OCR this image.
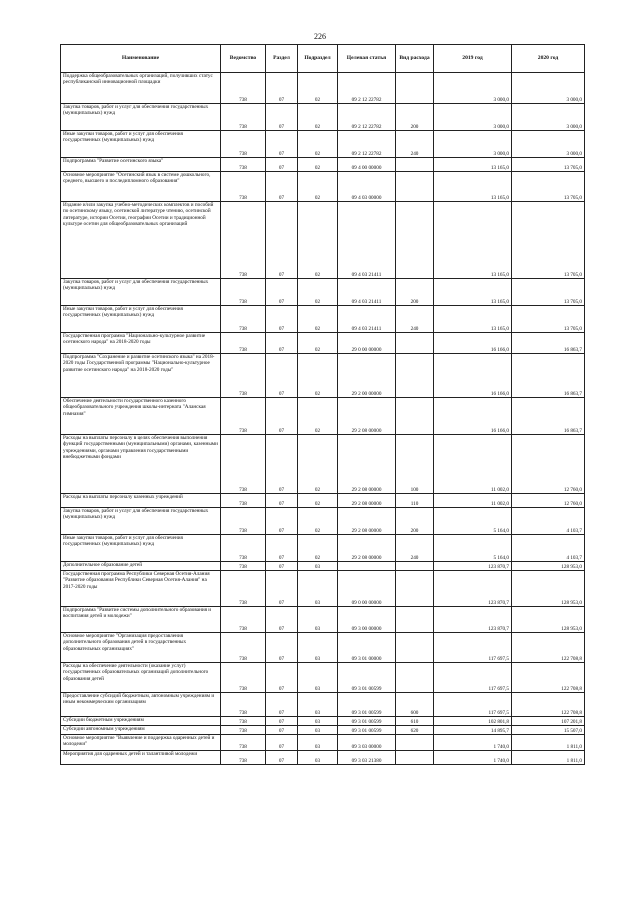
226
Наименование	Ведомство	Раздел	Подраздел	Целевая статья	Вид расхода	2019 год	2020 год
Поддержка общеобразовательных организаций, получивших статус республиканской инновационной площадки	738	07	02	09 2 12 22782		3 000,0	3 000,0
Закупка товаров, работ и услуг для обеспечения государственных (муниципальных) нужд	738	07	02	09 2 12 22782	200	3 000,0	3 000,0
Иные закупки товаров, работ и услуг для обеспечения государственных (муниципальных) нужд	738	07	02	09 2 12 22782	240	3 000,0	3 000,0
Подпрограмма "Развитие осетинского языка"	738	07	02	09 4 00 00000		13 165,0	13 705,0
Основное мероприятие "Осетинский язык в системе дошкольного, среднего, высшего и последипломного образования"	738	07	02	09 4 03 00000		13 165,0	13 705,0
Издание и/или закупка учебно-методических комплектов и пособий по осетинскому языку, осетинской литературе чтению, осетинской литературе, истории Осетии, географии Осетии и традиционной культуре осетин для общеобразовательных организаций	738	07	02	09 4 03 21411		13 165,0	13 705,0
Закупка товаров, работ и услуг для обеспечения государственных (муниципальных) нужд	738	07	02	09 4 03 21411	200	13 165,0	13 705,0
Иные закупки товаров, работ и услуг для обеспечения государственных (муниципальных) нужд	738	07	02	09 4 03 21411	240	13 165,0	13 705,0
Государственная программа "Национально-культурное развитие осетинского народа" на 2018-2020 годы	738	07	02	29 0 00 00000		16 166,0	16 863,7
Подпрограмма "Сохранение и развитие осетинского языка" на 2018-2020 годы Государственной программы "Национально-культурное развитие осетинского народа" на 2018-2020 годы"	738	07	02	29 2 00 00000		16 166,0	16 863,7
Обеспечение деятельности государственного казенного общеобразовательного учреждения школы-интерната "Аланская гимназия"	738	07	02	29 2 08 00000		16 166,0	16 863,7
Расходы на выплаты персоналу в целях обеспечения выполнения функций государственными (муниципальными) органами, казенными учреждениями, органами управления государственными внебюджетными фондами	738	07	02	29 2 08 00000	100	11 002,0	12 760,0
Расходы на выплаты персоналу казенных учреждений	738	07	02	29 2 08 00000	110	11 002,0	12 760,0
Закупка товаров, работ и услуг для обеспечения государственных (муниципальных) нужд	738	07	02	29 2 08 00000	200	5 164,0	4 103,7
Иные закупки товаров, работ и услуг для обеспечения государственных (муниципальных) нужд	738	07	02	29 2 08 00000	240	5 164,0	4 103,7
Дополнительное образование детей	738	07	03			123 870,7	128 953,0
Государственная программа Республики Северная Осетия-Алания "Развитие образования Республики Северная Осетия-Алания" на 2017-2020 годы	738	07	03	09 0 00 00000		123 870,7	128 953,0
Подпрограмма "Развитие системы дополнительного образования и воспитания детей и молодежи"	738	07	03	09 3 00 00000		123 870,7	128 953,0
Основное мероприятие "Организация предоставления дополнительного образования детей в государственных образовательных организациях"	738	07	03	09 3 01 00000		117 697,5	122 708,8
Расходы на обеспечение деятельности (оказание услуг) государственных образовательных организаций дополнительного образования детей	738	07	03	09 3 01 00599		117 697,5	122 708,8
Предоставление субсидий бюджетным, автономным учреждениям и иным некоммерческим организациям	738	07	03	09 3 01 00599	600	117 697,5	122 708,8
Субсидии бюджетным учреждениям	738	07	03	09 3 01 00599	610	102 801,8	107 201,8
Субсидии автономным учреждениям	738	07	03	09 3 01 00599	620	14 895,7	15 507,0
Основное мероприятие "Выявление и поддержка одаренных детей и молодежи"	738	07	03	09 3 03 00000		1 740,0	1 811,0
Мероприятия для одаренных детей и талантливой молодежи	738	07	03	09 3 03 21380		1 740,0	1 811,0
